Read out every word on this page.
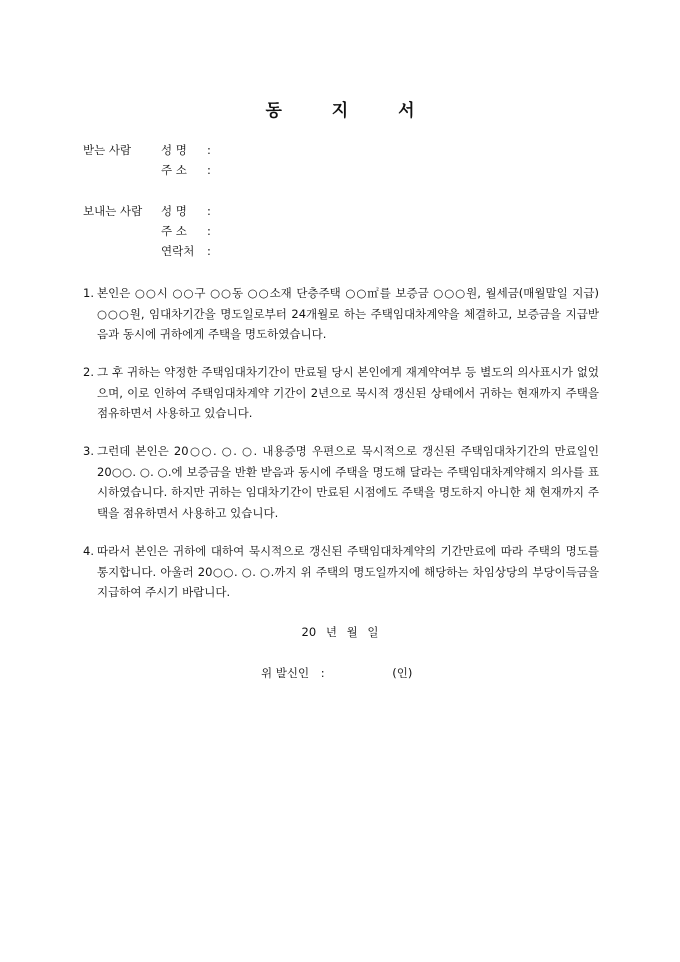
동 지 서
받는 사람	성 명 :
주 소 :
보내는 사람 성 명 :
주 소 :
연락처 :
1. 본인은 ○○시 ○○구 ○○동 ○○소재 단층주택 ○○㎡를 보증금 ○○○원, 월세금(매월말일 지급) ○○○원, 임대차기간을 명도일로부터 24개월로 하는 주택임대차계약을 체결하고, 보증금을 지급받음과 동시에 귀하에게 주택을 명도하였습니다.
2. 그 후 귀하는 약정한 주택임대차기간이 만료될 당시 본인에게 재계약여부 등 별도의 의사표시가 없었으며, 이로 인하여 주택임대차계약 기간이 2년으로 묵시적 갱신된 상태에서 귀하는 현재까지 주택을 점유하면서 사용하고 있습니다.
3. 그런데 본인은 20○○. ○. ○. 내용증명 우편으로 묵시적으로 갱신된 주택임대차기간의 만료일인 20○○. ○. ○.에 보증금을 반환 받음과 동시에 주택을 명도해 달라는 주택임대차계약해지 의사를 표시하였습니다. 하지만 귀하는 임대차기간이 만료된 시점에도 주택을 명도하지 아니한 채 현재까지 주택을 점유하면서 사용하고 있습니다.
4. 따라서 본인은 귀하에 대하여 묵시적으로 갱신된 주택임대차계약의 기간만료에 따라 주택의 명도를 통지합니다. 아울러 20○○. ○. ○.까지 위 주택의 명도일까지에 해당하는 차임상당의 부당이득금을 지급하여 주시기 바랍니다.
20 년 월 일
위 발신인 :	(인)
